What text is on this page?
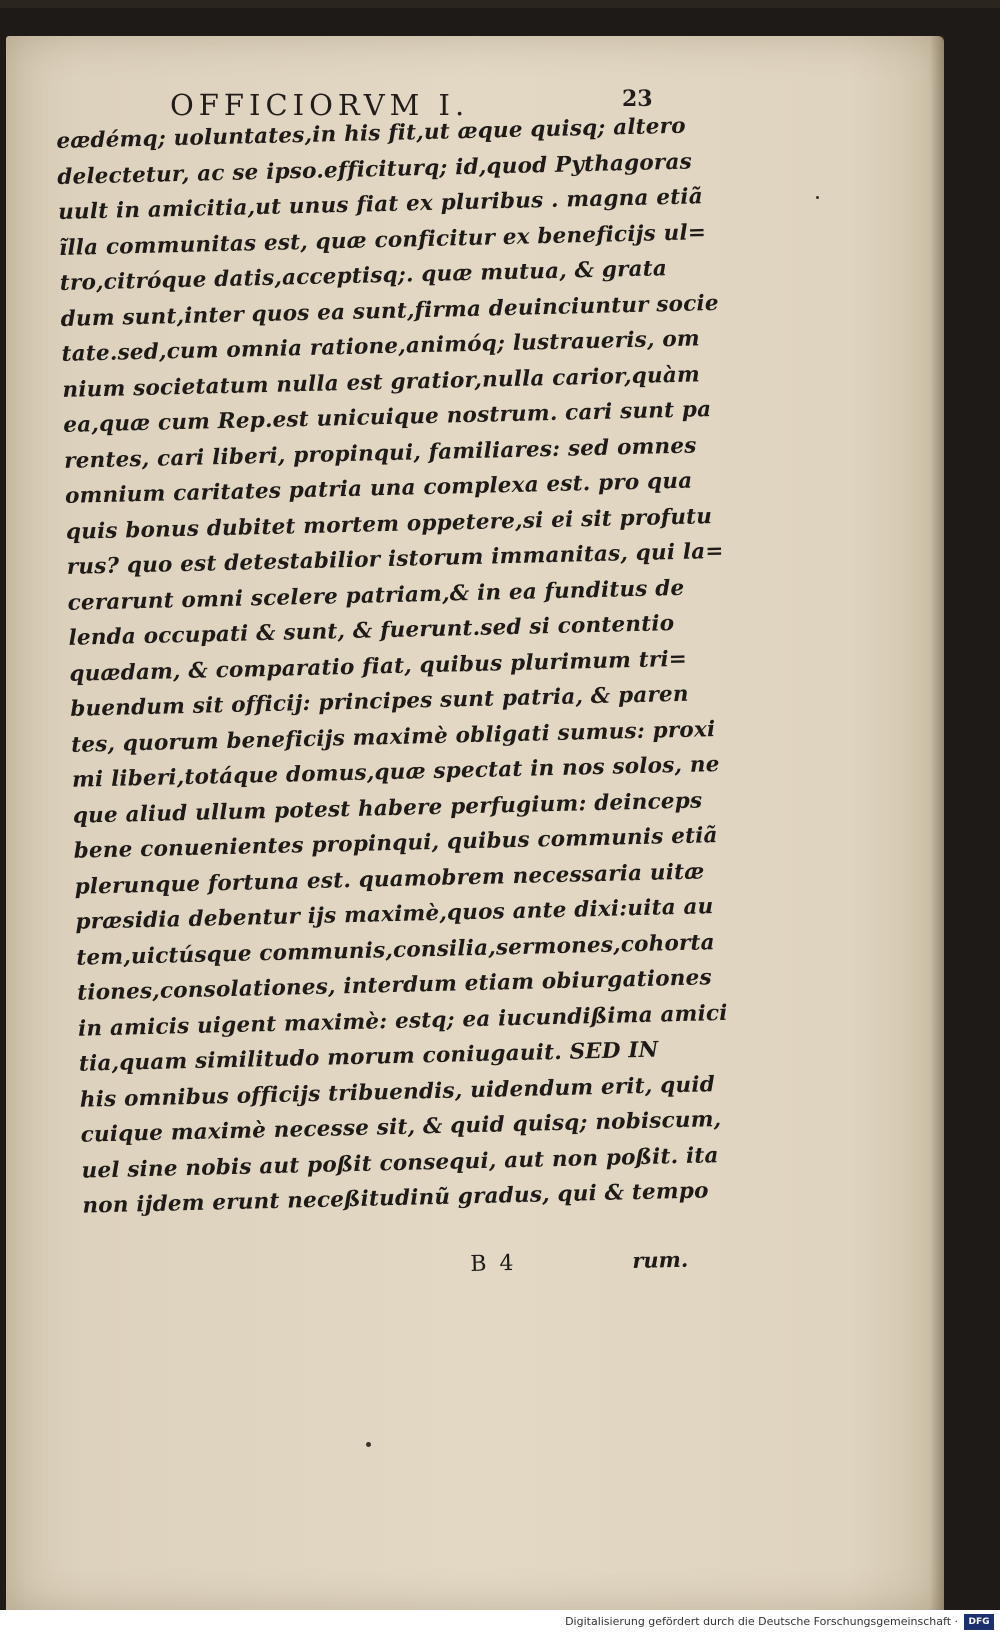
OFFICIORVM I.	23
eædémq; uoluntates,in his fit,ut æque quisq; altero
delectetur, ac se ipso.efficiturq; id,quod Pythagoras
uult in amicitia,ut unus fiat ex pluribus . magna etiã
ĩlla communitas est, quæ conficitur ex beneficijs ul=
tro,citróque datis,acceptisq;. quæ mutua, & grata
dum sunt,inter quos ea sunt,firma deuinciuntur socie
tate.sed,cum omnia ratione,animóq; lustraueris, om
nium societatum nulla est gratior,nulla carior,quàm
ea,quæ cum Rep.est unicuique nostrum. cari sunt pa
rentes, cari liberi, propinqui, familiares: sed omnes
omnium caritates patria una complexa est. pro qua
quis bonus dubitet mortem oppetere,si ei sit profutu
rus? quo est detestabilior istorum immanitas, qui la=
cerarunt omni scelere patriam,& in ea funditus de
lenda occupati & sunt, & fuerunt.sed si contentio
quædam, & comparatio fiat, quibus plurimum tri=
buendum sit officij: principes sunt patria, & paren
tes, quorum beneficijs maximè obligati sumus: proxi
mi liberi,totáque domus,quæ spectat in nos solos, ne
que aliud ullum potest habere perfugium: deinceps
bene conuenientes propinqui, quibus communis etiã
plerunque fortuna est. quamobrem necessaria uitæ
præsidia debentur ijs maximè,quos ante dixi:uita au
tem,uictúsque communis,consilia,sermones,cohorta
tiones,consolationes, interdum etiam obiurgationes
in amicis uigent maximè: estq; ea iucundißima amici
tia,quam similitudo morum coniugauit. SED IN
his omnibus officijs tribuendis, uidendum erit, quid
cuique maximè necesse sit, & quid quisq; nobiscum,
uel sine nobis aut poßit consequi, aut non poßit. ita
non ijdem erunt neceßitudinũ gradus, qui & tempo
B 4	rum.
Digitalisierung gefördert durch die Deutsche Forschungsgemeinschaft ·	DFG
